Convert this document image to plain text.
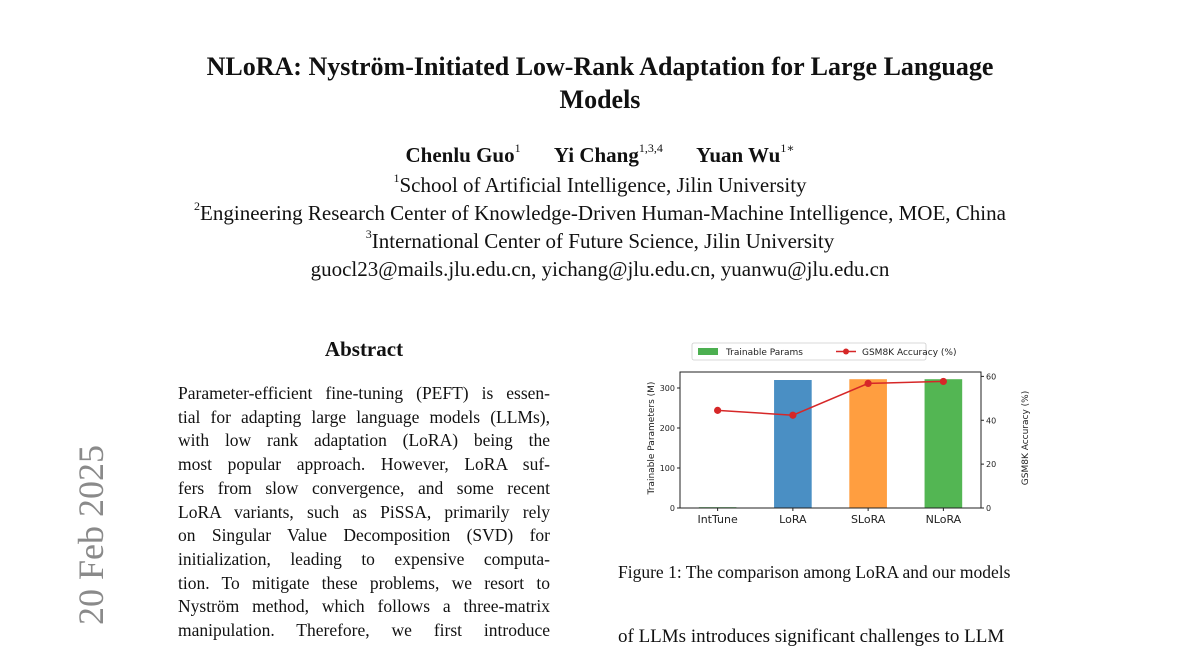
NLoRA: Nyström-Initiated Low-Rank Adaptation for Large Language
Models
Chenlu Guo$^1$ Yi Chang$^{1,3,4}$ Yuan $Wu^{1∗}$
$^1$School of Artificial Intelligence, Jilin University
$^2$Engineering Research Center of Knowledge-Driven Human-Machine Intelligence, MOE, China
$^3$International Center of Future Science, Jilin University
guocl23@mails.jlu.edu.cn, yichang@jlu.edu.cn, yuanwu@jlu.edu.cn
20 Feb 2025
Abstract
Parameter-efficient fine-tuning (PEFT) is essen-
tial for adapting large language models (LLMs),
with low rank adaptation (LoRA) being the
most popular approach. However, LoRA suf-
fers from slow convergence, and some recent
LoRA variants, such as PiSSA, primarily rely
on Singular Value Decomposition (SVD) for
initialization, leading to expensive computa-
tion. To mitigate these problems, we resort to
Nyström method, which follows a three-matrix
manipulation. Therefore, we first introduce
Trainable Params	GSM8K Accuracy (%)
Trainable Parameters (M)	GSM8K Accuracy (%)
0
100
200
300
0
20
40
60
IntTune	LoRA	SLoRA	NLoRA
Figure 1: The comparison among LoRA and our models
of LLMs introduces significant challenges to LLM
